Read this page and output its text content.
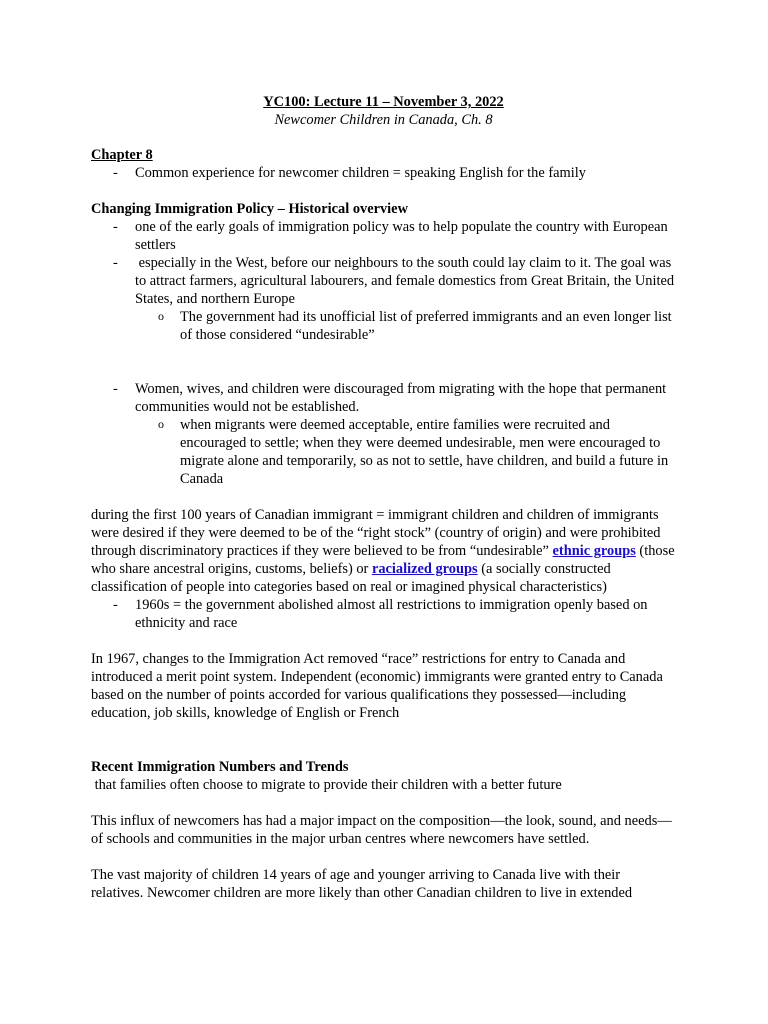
YC100: Lecture 11 – November 3, 2022

Newcomer Children in Canada, Ch. 8

Chapter 8

- Common experience for newcomer children = speaking English for the family

Changing Immigration Policy – Historical overview

- one of the early goals of immigration policy was to help populate the country with European settlers
-  especially in the West, before our neighbours to the south could lay claim to it. The goal was to attract farmers, agricultural labourers, and female domestics from Great Britain, the United States, and northern Europe
o The government had its unofficial list of preferred immigrants and an even longer list of those considered “undesirable”
- Women, wives, and children were discouraged from migrating with the hope that permanent communities would not be established.
o when migrants were deemed acceptable, entire families were recruited and encouraged to settle; when they were deemed undesirable, men were encouraged to migrate alone and temporarily, so as not to settle, have children, and build a future in Canada

during the first 100 years of Canadian immigrant = immigrant children and children of immigrants were desired if they were deemed to be of the “right stock” (country of origin) and were prohibited through discriminatory practices if they were believed to be from “undesirable” ethnic groups (those who share ancestral origins, customs, beliefs) or racialized groups (a socially constructed classification of people into categories based on real or imagined physical characteristics)

- 1960s = the government abolished almost all restrictions to immigration openly based on ethnicity and race

In 1967, changes to the Immigration Act removed “race” restrictions for entry to Canada and introduced a merit point system. Independent (economic) immigrants were granted entry to Canada based on the number of points accorded for various qualifications they possessed—including education, job skills, knowledge of English or French

Recent Immigration Numbers and Trends

that families often choose to migrate to provide their children with a better future

This influx of newcomers has had a major impact on the composition—the look, sound, and needs—of schools and communities in the major urban centres where newcomers have settled.

The vast majority of children 14 years of age and younger arriving to Canada live with their relatives. Newcomer children are more likely than other Canadian children to live in extended
